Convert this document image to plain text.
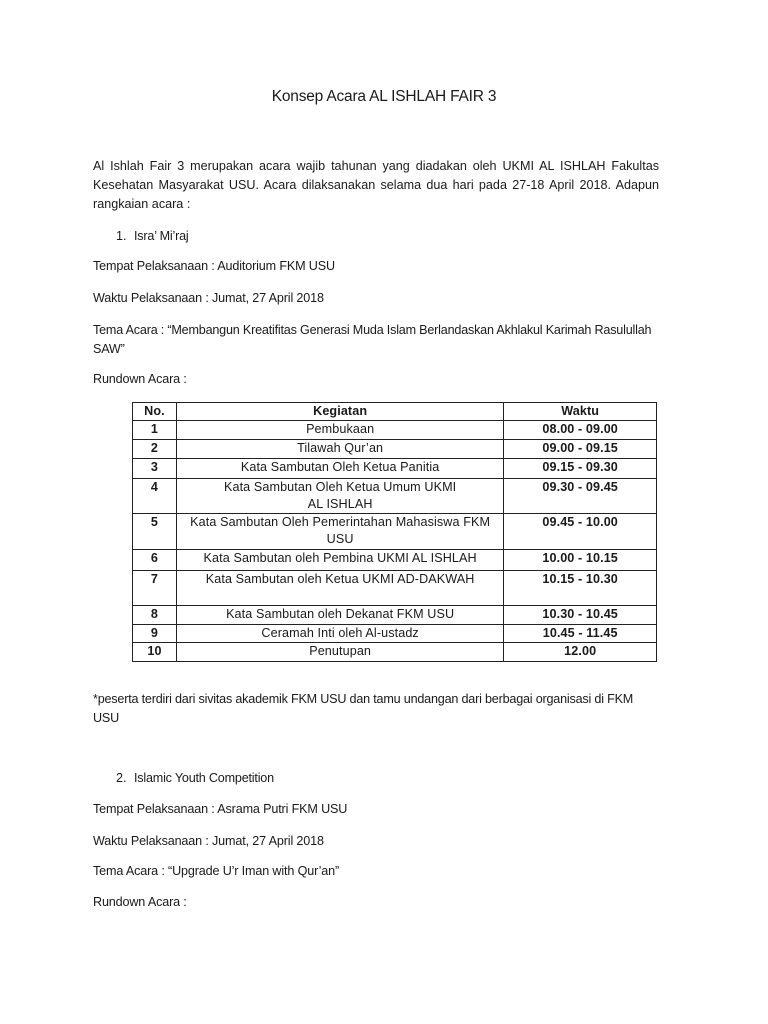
Konsep Acara AL ISHLAH FAIR 3
Al Ishlah Fair 3 merupakan acara wajib tahunan yang diadakan oleh UKMI AL ISHLAH Fakultas Kesehatan Masyarakat USU. Acara dilaksanakan selama dua hari pada 27-18 April 2018. Adapun rangkaian acara :
1. Isra’ Mi’raj
Tempat Pelaksanaan : Auditorium FKM USU
Waktu Pelaksanaan : Jumat, 27 April 2018
Tema Acara : “Membangun Kreatifitas Generasi Muda Islam Berlandaskan Akhlakul Karimah Rasulullah SAW”
Rundown Acara :
No.	Kegiatan	Waktu
1	Pembukaan	08.00 - 09.00
2	Tilawah Qur’an	09.00 - 09.15
3	Kata Sambutan Oleh Ketua Panitia	09.15 - 09.30
4	Kata Sambutan Oleh Ketua Umum UKMI AL ISHLAH	09.30 - 09.45
5	Kata Sambutan Oleh Pemerintahan Mahasiswa FKM USU	09.45 - 10.00
6	Kata Sambutan oleh Pembina UKMI AL ISHLAH	10.00 - 10.15
7	Kata Sambutan oleh Ketua UKMI AD-DAKWAH	10.15 - 10.30
8	Kata Sambutan oleh Dekanat FKM USU	10.30 - 10.45
9	Ceramah Inti oleh Al-ustadz	10.45 - 11.45
10	Penutupan	12.00
*peserta terdiri dari sivitas akademik FKM USU dan tamu undangan dari berbagai organisasi di FKM USU
2. Islamic Youth Competition
Tempat Pelaksanaan : Asrama Putri FKM USU
Waktu Pelaksanaan : Jumat, 27 April 2018
Tema Acara : “Upgrade U’r Iman with Qur’an”
Rundown Acara :
